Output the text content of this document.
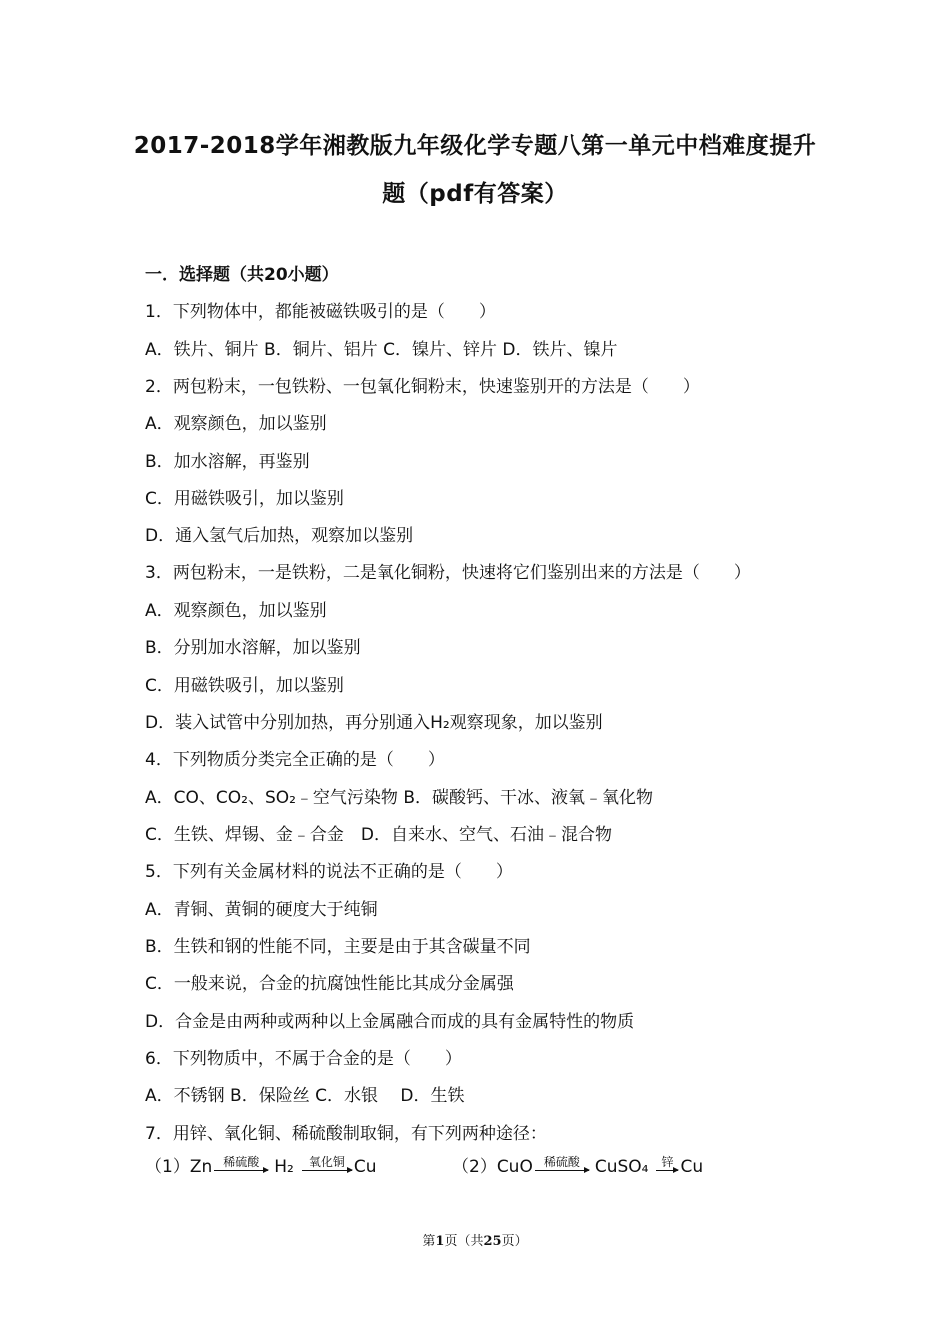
2017-2018学年湘教版九年级化学专题八第一单元中档难度提升
题（pdf有答案）
一．选择题（共20小题）
1．下列物体中，都能被磁铁吸引的是（　　）
A．铁片、铜片 B．铜片、铝片 C．镍片、锌片 D．铁片、镍片
2．两包粉末，一包铁粉、一包氧化铜粉末，快速鉴别开的方法是（　　）
A．观察颜色，加以鉴别
B．加水溶解，再鉴别
C．用磁铁吸引，加以鉴别
D．通入氢气后加热，观察加以鉴别
3．两包粉末，一是铁粉，二是氧化铜粉，快速将它们鉴别出来的方法是（　　）
A．观察颜色，加以鉴别
B．分别加水溶解，加以鉴别
C．用磁铁吸引，加以鉴别
D．装入试管中分别加热，再分别通入H₂观察现象，加以鉴别
4．下列物质分类完全正确的是（　　）
A．CO、CO₂、SO₂﹣空气污染物 B．碳酸钙、干冰、液氧﹣氧化物
C．生铁、焊锡、金﹣合金　D．自来水、空气、石油﹣混合物
5．下列有关金属材料的说法不正确的是（　　）
A．青铜、黄铜的硬度大于纯铜
B．生铁和钢的性能不同，主要是由于其含碳量不同
C．一般来说，合金的抗腐蚀性能比其成分金属强
D．合金是由两种或两种以上金属融合而成的具有金属特性的物质
6．下列物质中，不属于合金的是（　　）
A．不锈钢 B．保险丝 C．水银　 D．生铁
7．用锌、氧化铜、稀硫酸制取铜，有下列两种途径：
（1）Zn 稀硫酸 H₂ 氧化铜 Cu	（2）CuO 稀硫酸 CuSO₄ 锌 Cu
第1页（共25页）
